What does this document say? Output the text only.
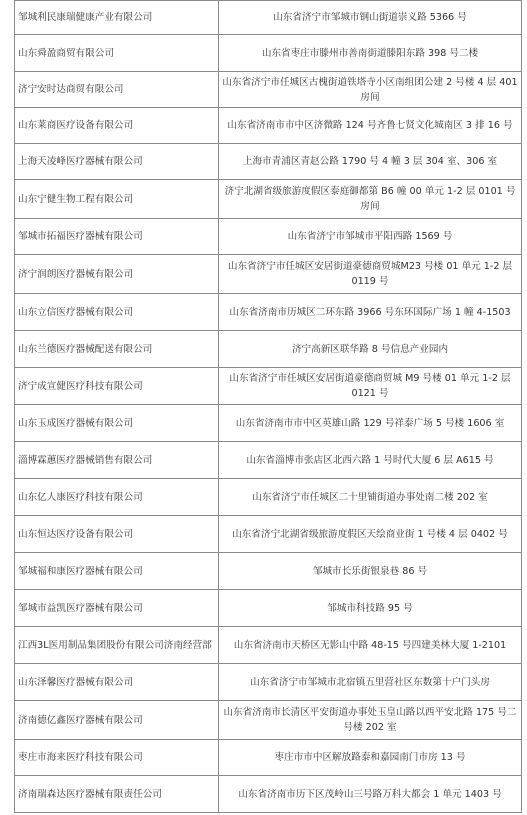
邹城利民康瑞健康产业有限公司	山东省济宁市邹城市钢山街道崇义路 5366 号
山东舜盈商贸有限公司	山东省枣庄市滕州市善南街道滕阳东路 398 号二楼
济宁安时达商贸有限公司	山东省济宁市任城区古槐街道铁塔寺小区南组团公建 2 号楼 4 层 401 房间
山东莱商医疗设备有限公司	山东省济南市市中区济微路 124 号齐鲁七贤文化城南区 3 排 16 号
上海天凌峰医疗器械有限公司	上海市青浦区青赵公路 1790 号 4 幢 3 层 304 室、306 室
山东宁健生物工程有限公司	济宁北湖省级旅游度假区泰庭御都第 B6 幢 00 单元 1-2 层 0101 号房间
邹城市拓福医疗器械有限公司	山东省济宁市邹城市平阳西路 1569 号
济宁润朗医疗器械有限公司	山东省济宁市任城区安居街道豪德商贸城M23 号楼 01 单元 1-2 层 0119 号
山东立信医疗器械有限公司	山东省济南市历城区二环东路 3966 号东环国际广场 1 幢 4-1503
山东兰德医疗器械配送有限公司	济宁高新区联华路 8 号信息产业园内
济宁成宣健医疗科技有限公司	山东省济宁市任城区安居街道豪德商贸城 M9 号楼 01 单元 1-2 层 0121 号
山东玉成医疗器械有限公司	山东省济南市市中区英雄山路 129 号祥泰广场 5 号楼 1606 室
淄博霖蕙医疗器械销售有限公司	山东省淄博市张店区北西六路 1 号时代大厦 6 层 A615 号
山东亿人康医疗科技有限公司	山东省济宁市任城区二十里铺街道办事处南二楼 202 室
山东恒达医疗设备有限公司	山东省济宁北湖省级旅游度假区天绘商业街 1 号楼 4 层 0402 号
邹城福和康医疗器械有限公司	邹城市长乐街银泉巷 86 号
邹城市益凯医疗器械有限公司	邹城市科技路 95 号
江西3L医用制品集团股份有限公司济南经营部	山东省济南市天桥区无影山中路 48-15 号四建美林大厦 1-2101
山东泽馨医疗器械有限公司	山东省济宁市邹城市北宿镇五里营社区东数第十户门头房
济南德亿鑫医疗器械有限公司	山东省济南市长清区平安街道办事处玉皇山路以西平安北路 175 号二号楼 202 室
枣庄市海来医疗科技有限公司	枣庄市市中区解放路泰和嘉园南门市房 13 号
济南瑞森达医疗器械有限责任公司	山东省济南市历下区茂岭山三号路万科大都会 1 单元 1403 号
